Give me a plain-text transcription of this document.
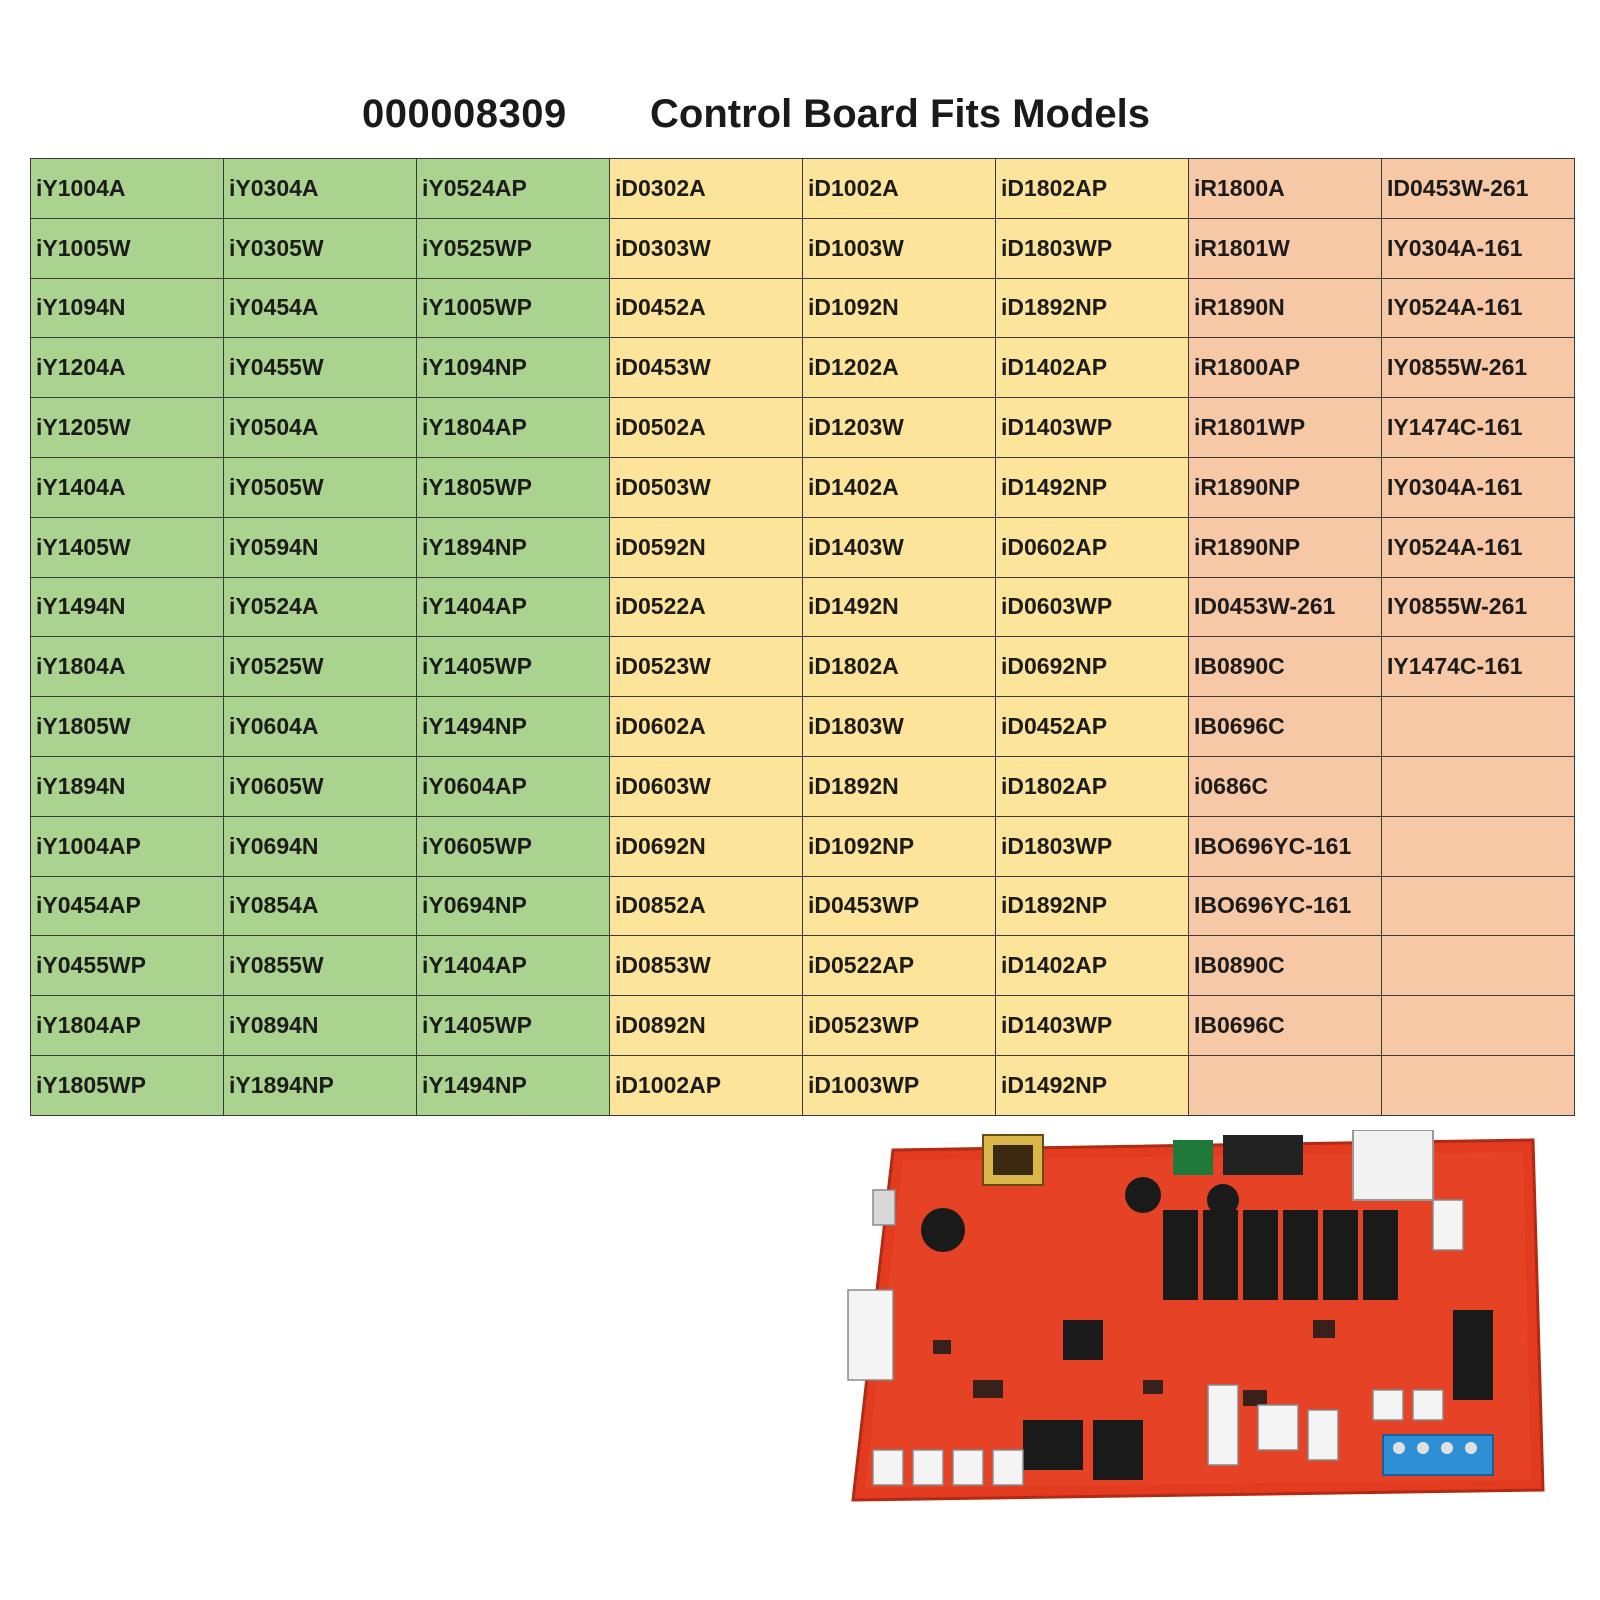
000008309 Control Board Fits Models
iY1004A	iY0304A	iY0524AP	iD0302A	iD1002A	iD1802AP	iR1800A	ID0453W-261
iY1005W	iY0305W	iY0525WP	iD0303W	iD1003W	iD1803WP	iR1801W	IY0304A-161
iY1094N	iY0454A	iY1005WP	iD0452A	iD1092N	iD1892NP	iR1890N	IY0524A-161
iY1204A	iY0455W	iY1094NP	iD0453W	iD1202A	iD1402AP	iR1800AP	IY0855W-261
iY1205W	iY0504A	iY1804AP	iD0502A	iD1203W	iD1403WP	iR1801WP	IY1474C-161
iY1404A	iY0505W	iY1805WP	iD0503W	iD1402A	iD1492NP	iR1890NP	IY0304A-161
iY1405W	iY0594N	iY1894NP	iD0592N	iD1403W	iD0602AP	iR1890NP	IY0524A-161
iY1494N	iY0524A	iY1404AP	iD0522A	iD1492N	iD0603WP	ID0453W-261	IY0855W-261
iY1804A	iY0525W	iY1405WP	iD0523W	iD1802A	iD0692NP	IB0890C	IY1474C-161
iY1805W	iY0604A	iY1494NP	iD0602A	iD1803W	iD0452AP	IB0696C	
iY1894N	iY0605W	iY0604AP	iD0603W	iD1892N	iD1802AP	i0686C	
iY1004AP	iY0694N	iY0605WP	iD0692N	iD1092NP	iD1803WP	IBO696YC-161	
iY0454AP	iY0854A	iY0694NP	iD0852A	iD0453WP	iD1892NP	IBO696YC-161	
iY0455WP	iY0855W	iY1404AP	iD0853W	iD0522AP	iD1402AP	IB0890C	
iY1804AP	iY0894N	iY1405WP	iD0892N	iD0523WP	iD1403WP	IB0696C	
iY1805WP	iY1894NP	iY1494NP	iD1002AP	iD1003WP	iD1492NP		
